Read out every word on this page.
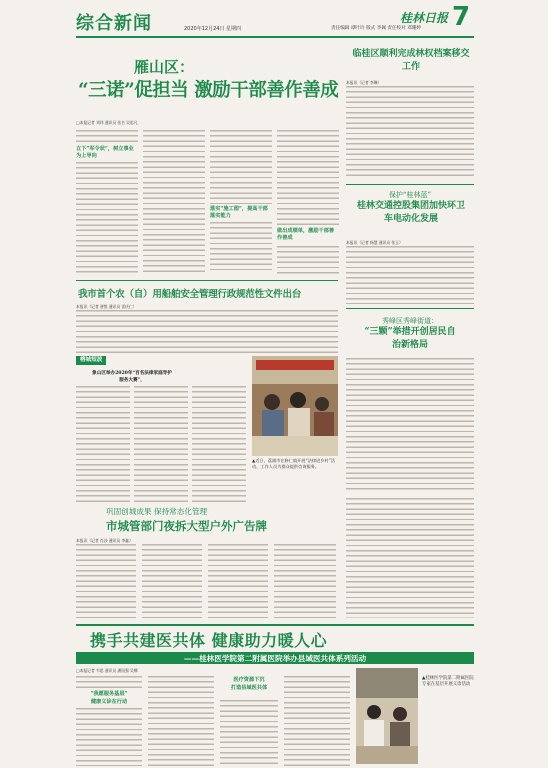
综合新闻	2020年12月24日 星期四	责任编辑 谭叶玲 版式 李佩 责任校对 邓珊婷
桂林日报 7
雁山区：
“三诺”促担当 激励干部善作善成
□本报记者 刘玮 通讯员 张书 吴思凡
立下“军令状”，树立事业为上导向
落实“施工图”，提高干部落实能力
做出成绩单，激励干部善作善成
临桂区顺利完成林权档案移交工作
本报讯（记者 李琳）
保护“桂林蓝”
桂林交通控股集团加快环卫车电动化发展
本报讯（记者 杨慧 通讯员 张玉）
秀峰区秀峰街道：
“三颗”举措开创居民自治新格局
我市首个农（自）用船舶安全管理行政规范性文件出台
本报讯（记者 唐悦 通讯员 雷庆仁）
榕城短波
象山区举办2020年“百名法律家庭导护
服务大赛”，
▲近日，荔浦市在修仁镇开展“法律进乡村”活动，工作人员为群众提供咨询服务。
巩固创城成果 保持常态化管理
市城管部门夜拆大型户外广告牌
本报讯（记者 肖沙 通讯员 李鑫）
携手共建医共体 健康助力暖人心
——桂林医学院第二附属医院举办县域医共体系列活动
□本报记者 韦思 通讯员 潘国强 吴娜
“我愿服务基层”
健康义诊在行动
医疗资源下沉
打造县域医共体
▲桂林医学院第二附属医院专家在基层开展义诊活动
